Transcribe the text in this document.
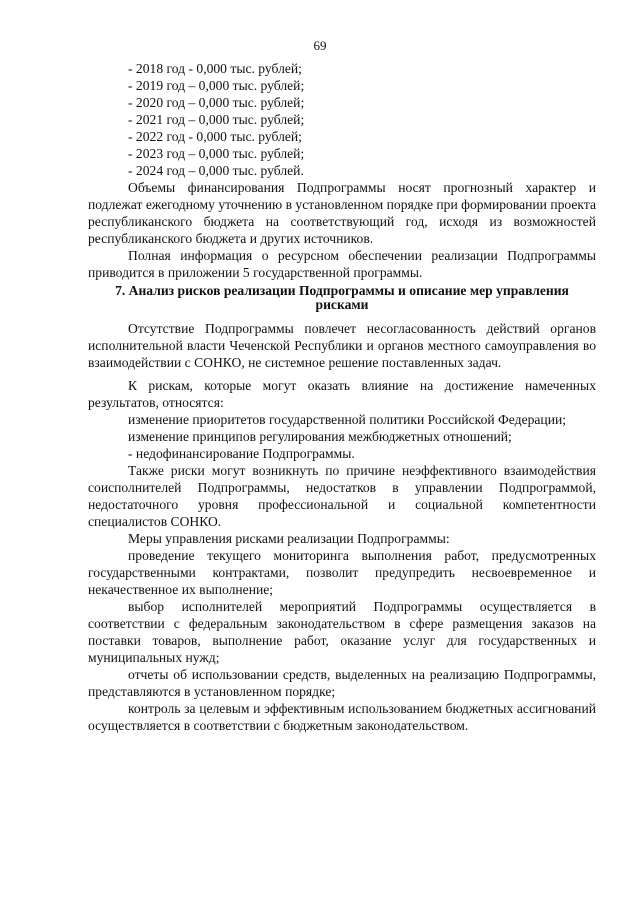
69

- 2018 год - 0,000 тыс. рублей;

- 2019 год – 0,000 тыс. рублей;

- 2020 год – 0,000 тыс. рублей;

- 2021 год – 0,000 тыс. рублей;

- 2022 год - 0,000 тыс. рублей;

- 2023 год – 0,000 тыс. рублей;

- 2024 год – 0,000 тыс. рублей.

Объемы финансирования Подпрограммы носят прогнозный характер и подлежат ежегодному уточнению в установленном порядке при формировании проекта республиканского бюджета на соответствующий год, исходя из возможностей республиканского бюджета и других источников.

Полная информация о ресурсном обеспечении реализации Подпрограммы приводится в приложении 5 государственной программы.

7. Анализ рисков реализации Подпрограммы и описание мер управления рисками

Отсутствие Подпрограммы повлечет несогласованность действий органов исполнительной власти Чеченской Республики и органов местного самоуправления во взаимодействии с СОНКО, не системное решение поставленных задач.

К рискам, которые могут оказать влияние на достижение намеченных результатов, относятся:

изменение приоритетов государственной политики Российской Федерации;

изменение принципов регулирования межбюджетных отношений;

- недофинансирование Подпрограммы.

Также риски могут возникнуть по причине неэффективного взаимодействия соисполнителей Подпрограммы, недостатков в управлении Подпрограммой, недостаточного уровня профессиональной и социальной компетентности специалистов СОНКО.

Меры управления рисками реализации Подпрограммы:

проведение текущего мониторинга выполнения работ, предусмотренных государственными контрактами, позволит предупредить несвоевременное и некачественное их выполнение;

выбор исполнителей мероприятий Подпрограммы осуществляется в соответствии с федеральным законодательством в сфере размещения заказов на поставки товаров, выполнение работ, оказание услуг для государственных и муниципальных нужд;

отчеты об использовании средств, выделенных на реализацию Подпрограммы, представляются в установленном порядке;

контроль за целевым и эффективным использованием бюджетных ассигнований осуществляется в соответствии с бюджетным законодательством.
